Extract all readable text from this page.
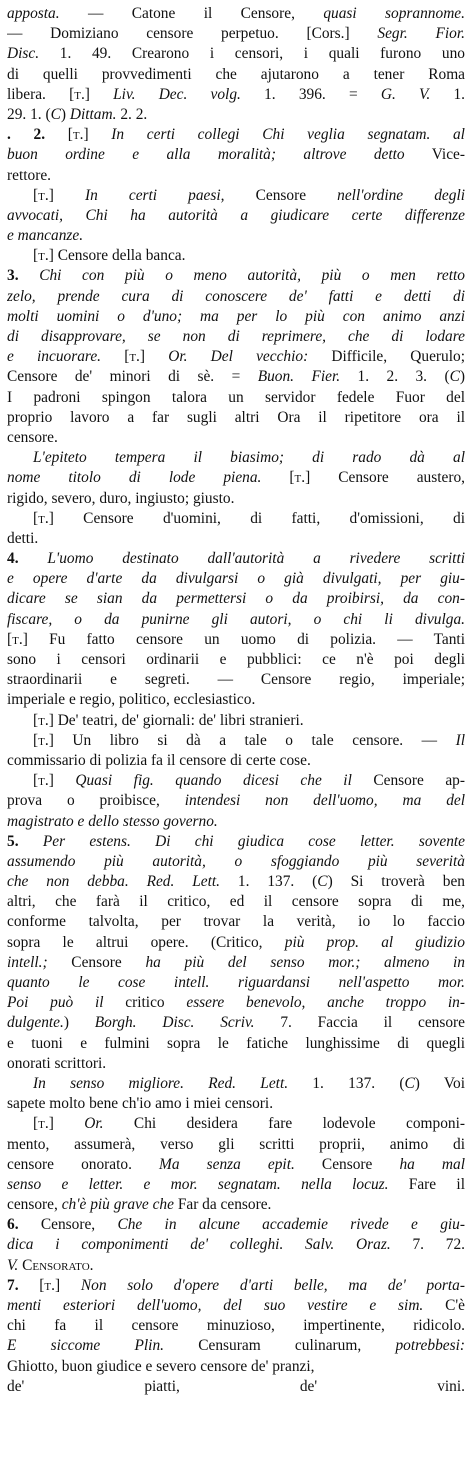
apposta. — Catone il Censore, quasi soprannome.
— Domiziano censore perpetuo. [Cors.] Segr. Fior.
Disc. 1. 49. Crearono i censori, i quali furono uno
di quelli provvedimenti che ajutarono a tener Roma
libera. [t.] Liv. Dec. volg. 1. 396. = G. V. 1.
29. 1. (C) Dittam. 2. 2.
. 2. [t.] In certi collegi Chi veglia segnatam. al
buon ordine e alla moralità; altrove detto Vice-
rettore.
[t.] In certi paesi, Censore nell'ordine degli
avvocati, Chi ha autorità a giudicare certe differenze
e mancanze.
[t.] Censore della banca.
3. Chi con più o meno autorità, più o men retto
zelo, prende cura di conoscere de' fatti e detti di
molti uomini o d'uno; ma per lo più con animo anzi
di disapprovare, se non di reprimere, che di lodare
e incuorare. [t.] Or. Del vecchio: Difficile, Querulo;
Censore de' minori di sè. = Buon. Fier. 1. 2. 3. (C)
I padroni spingon talora un servidor fedele Fuor del
proprio lavoro a far sugli altri Ora il ripetitore ora il
censore.
L'epiteto tempera il biasimo; di rado dà al
nome titolo di lode piena. [t.] Censore austero,
rigido, severo, duro, ingiusto; giusto.
[t.] Censore d'uomini, di fatti, d'omissioni, di
detti.
4. L'uomo destinato dall'autorità a rivedere scritti
e opere d'arte da divulgarsi o già divulgati, per giu-
dicare se sian da permettersi o da proibirsi, da con-
fiscare, o da punirne gli autori, o chi li divulga.
[t.] Fu fatto censore un uomo di polizia. — Tanti
sono i censori ordinarii e pubblici: ce n'è poi degli
straordinarii e segreti. — Censore regio, imperiale;
imperiale e regio, politico, ecclesiastico.
[t.] De' teatri, de' giornali: de' libri stranieri.
[t.] Un libro si dà a tale o tale censore. — Il
commissario di polizia fa il censore di certe cose.
[t.] Quasi fig. quando dicesi che il Censore ap-
prova o proibisce, intendesi non dell'uomo, ma del
magistrato e dello stesso governo.
5. Per estens. Di chi giudica cose letter. sovente
assumendo più autorità, o sfoggiando più severità
che non debba. Red. Lett. 1. 137. (C) Si troverà ben
altri, che farà il critico, ed il censore sopra di me,
conforme talvolta, per trovar la verità, io lo faccio
sopra le altrui opere. (Critico, più prop. al giudizio
intell.; Censore ha più del senso mor.; almeno in
quanto le cose intell. riguardansi nell'aspetto mor.
Poi può il critico essere benevolo, anche troppo in-
dulgente.) Borgh. Disc. Scriv. 7. Faccia il censore
e tuoni e fulmini sopra le fatiche lunghissime di quegli
onorati scrittori.
In senso migliore. Red. Lett. 1. 137. (C) Voi
sapete molto bene ch'io amo i miei censori.
[t.] Or. Chi desidera fare lodevole componi-
mento, assumerà, verso gli scritti proprii, animo di
censore onorato. Ma senza epit. Censore ha mal
senso e letter. e mor. segnatam. nella locuz. Fare il
censore, ch'è più grave che Far da censore.
6. Censore, Che in alcune accademie rivede e giu-
dica i componimenti de' colleghi. Salv. Oraz. 7. 72.
V. Censorato.
7. [t.] Non solo d'opere d'arti belle, ma de' porta-
menti esteriori dell'uomo, del suo vestire e sim. C'è
chi fa il censore minuzioso, impertinente, ridicolo.
E siccome Plin. Censuram culinarum, potrebbesi:
Ghiotto, buon giudice e severo censore de' pranzi,
de' piatti, de' vini.
